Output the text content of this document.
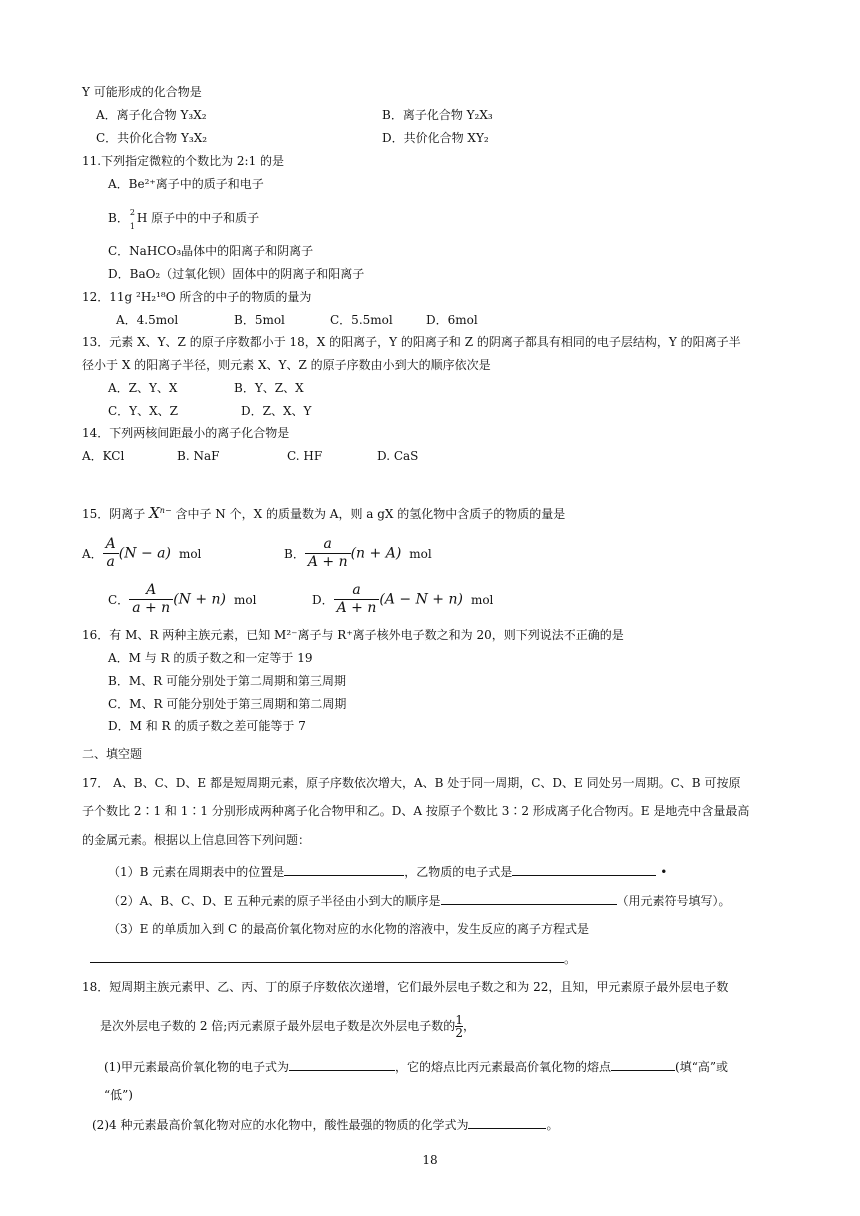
Y 可能形成的化合物是
A．离子化合物 Y₃X₂	B．离子化合物 Y₂X₃
C．共价化合物 Y₃X₂	D．共价化合物 XY₂
11.下列指定微粒的个数比为 2:1 的是
A．Be²⁺离子中的质子和电子
B． 2
1
H 原子中的中子和质子
C．NaHCO₃晶体中的阳离子和阴离子
D．BaO₂（过氧化钡）固体中的阴离子和阳离子
12．11g ²H₂¹⁸O 所含的中子的物质的量为
A．4.5mol	B．5mol	C．5.5mol	D．6mol
13．元素 X、Y、Z 的原子序数都小于 18，X 的阳离子，Y 的阳离子和 Z 的阴离子都具有相同的电子层结构，Y 的阳离子半
径小于 X 的阳离子半径，则元素 X、Y、Z 的原子序数由小到大的顺序依次是
A．Z、Y、X	B．Y、Z、X
C．Y、X、Z	D．Z、X、Y
14．下列两核间距最小的离子化合物是
A．KCl	B. NaF	C. HF	D. CaS
15．阴离子 $X^{n-}$ 含中子 N 个，X 的质量数为 A，则 a gX 的氢化物中含质子的物质的量是
A． $\frac{A}{a} (N - a)$ mol	B． $\frac{a}{A + n} (n + A)$ mol
C． $\frac{A}{a + n} (N + n)$ mol	D． $\frac{a}{A + n} (A - N + n)$ mol
16．有 M、R 两种主族元素，已知 M²⁻离子与 R⁺离子核外电子数之和为 20，则下列说法不正确的是
A．M 与 R 的质子数之和一定等于 19
B．M、R 可能分别处于第二周期和第三周期
C．M、R 可能分别处于第三周期和第二周期
D．M 和 R 的质子数之差可能等于 7
二、填空题
17． A、B、C、D、E 都是短周期元素，原子序数依次增大，A、B 处于同一周期，C、D、E 同处另一周期。C、B 可按原
子个数比 2∶1 和 1∶1 分别形成两种离子化合物甲和乙。D、A 按原子个数比 3∶2 形成离子化合物丙。E 是地壳中含量最高
的金属元素。根据以上信息回答下列问题：
（1）B 元素在周期表中的位置是	，乙物质的电子式是	•
（2）A、B、C、D、E 五种元素的原子半径由小到大的顺序是	（用元素符号填写）。
（3）E 的单质加入到 C 的最高价氧化物对应的水化物的溶液中，发生反应的离子方程式是
。
18．短周期主族元素甲、乙、丙、丁的原子序数依次递增，它们最外层电子数之和为 22，且知，甲元素原子最外层电子数
是次外层电子数的 2 倍;丙元素原子最外层电子数是次外层电子数的 $\frac{1}{2}$ ，
(1)甲元素最高价氧化物的电子式为	，它的熔点比丙元素最高价氧化物的熔点	(填“高”或
“低”)
(2)4 种元素最高价氧化物对应的水化物中，酸性最强的物质的化学式为	。
18
